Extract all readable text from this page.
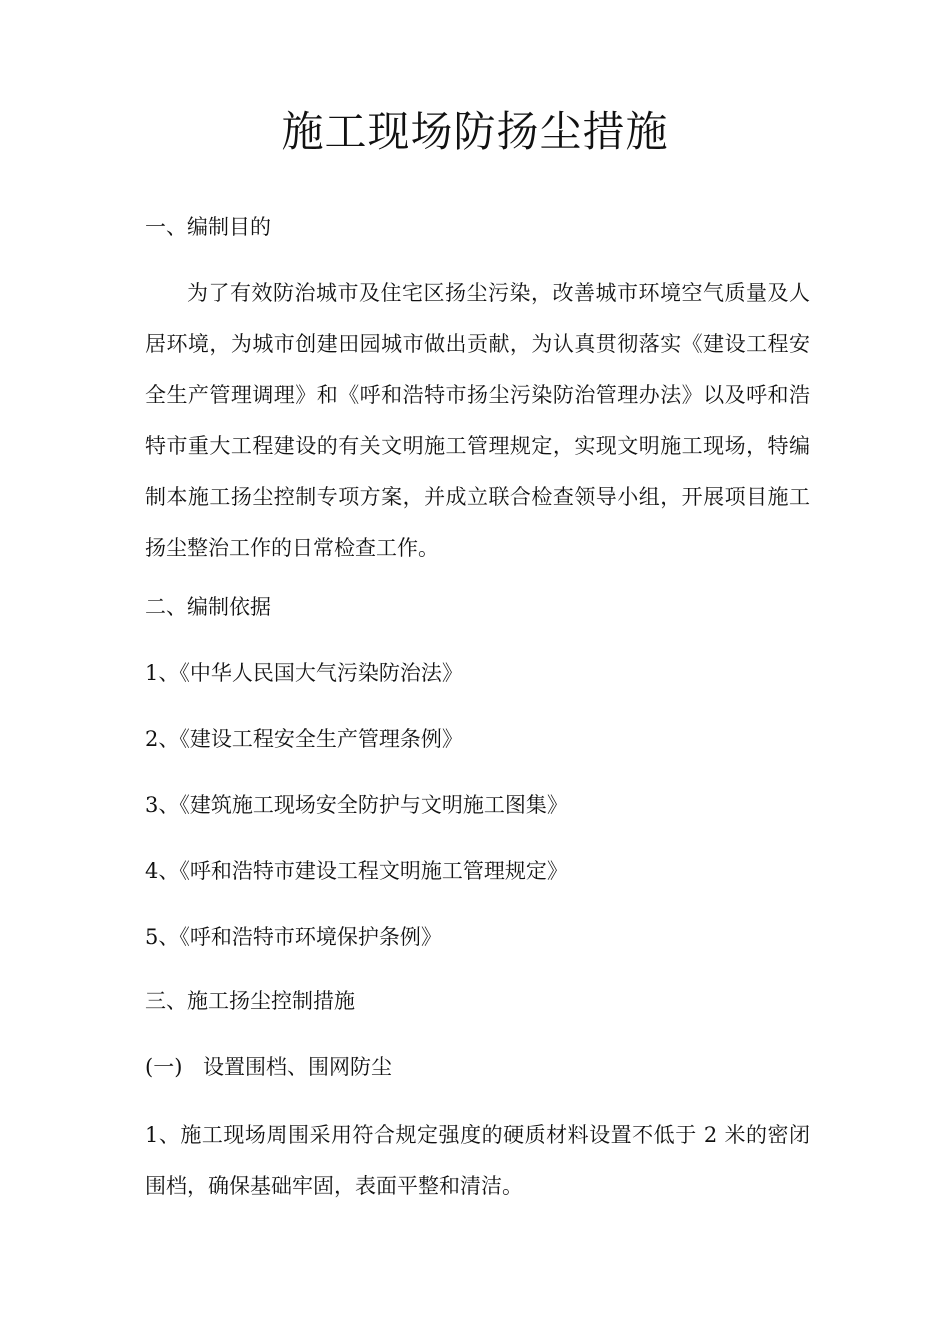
施工现场防扬尘措施

一、编制目的

为了有效防治城市及住宅区扬尘污染，改善城市环境空气质量及人居环境，为城市创建田园城市做出贡献，为认真贯彻落实《建设工程安全生产管理调理》和《呼和浩特市扬尘污染防治管理办法》以及呼和浩特市重大工程建设的有关文明施工管理规定，实现文明施工现场，特编制本施工扬尘控制专项方案，并成立联合检查领导小组，开展项目施工扬尘整治工作的日常检查工作。

二、编制依据

1、《中华人民国大气污染防治法》

2、《建设工程安全生产管理条例》

3、《建筑施工现场安全防护与文明施工图集》

4、《呼和浩特市建设工程文明施工管理规定》

5、《呼和浩特市环境保护条例》

三、施工扬尘控制措施

(一) 设置围档、围网防尘

1、施工现场周围采用符合规定强度的硬质材料设置不低于 2 米的密闭围档，确保基础牢固，表面平整和清洁。
